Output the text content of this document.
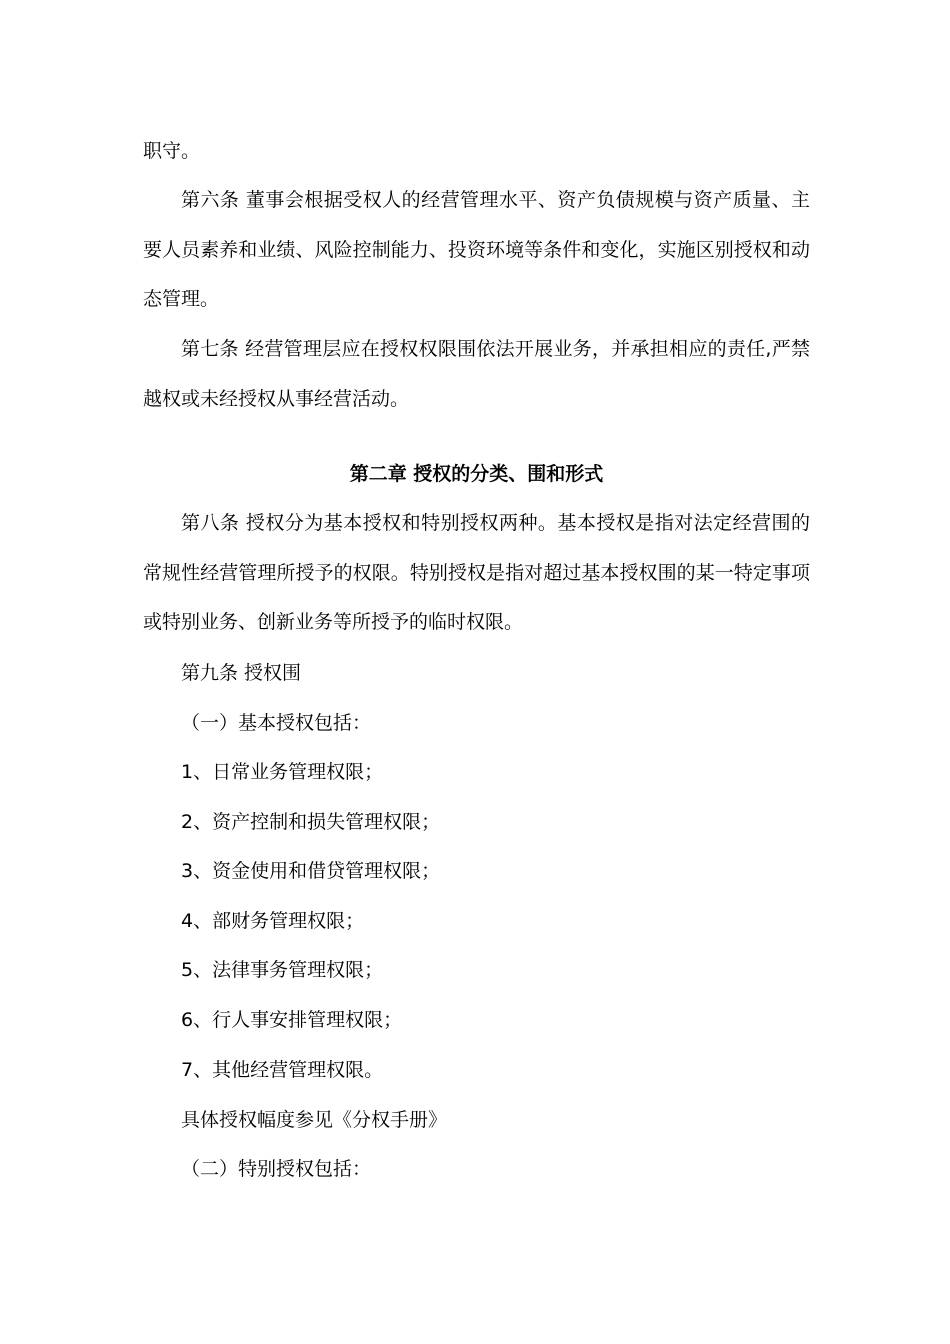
职守。

第六条 董事会根据受权人的经营管理水平、资产负债规模与资产质量、主要人员素养和业绩、风险控制能力、投资环境等条件和变化，实施区别授权和动态管理。

第七条 经营管理层应在授权权限围依法开展业务，并承担相应的责任,严禁越权或未经授权从事经营活动。

第二章 授权的分类、围和形式

第八条 授权分为基本授权和特别授权两种。基本授权是指对法定经营围的常规性经营管理所授予的权限。特别授权是指对超过基本授权围的某一特定事项或特别业务、创新业务等所授予的临时权限。

第九条 授权围
（一）基本授权包括：
1、日常业务管理权限；
2、资产控制和损失管理权限；
3、资金使用和借贷管理权限；
4、部财务管理权限；
5、法律事务管理权限；
6、行人事安排管理权限；
7、其他经营管理权限。
具体授权幅度参见《分权手册》
（二）特别授权包括：
